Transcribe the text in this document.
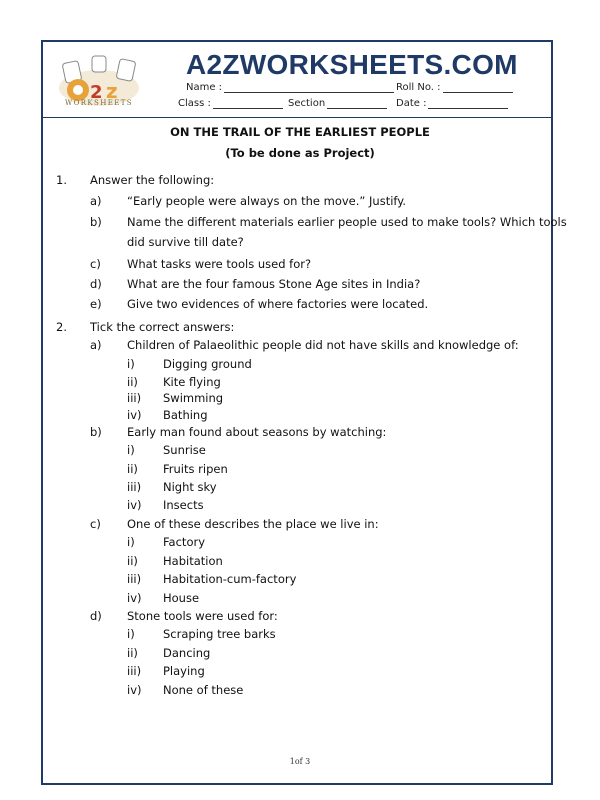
2 z
WORKSHEETS
A2ZWORKSHEETS.COM
Name :	Roll No. :
Class :	Section	Date :
ON THE TRAIL OF THE EARLIEST PEOPLE
(To be done as Project)
1. Answer the following:
a) “Early people were always on the move.” Justify.
b) Name the different materials earlier people used to make tools? Which tools
did survive till date?
c) What tasks were tools used for?
d) What are the four famous Stone Age sites in India?
e) Give two evidences of where factories were located.
2. Tick the correct answers:
a) Children of Palaeolithic people did not have skills and knowledge of:
i) Digging ground
ii) Kite flying
iii) Swimming
iv) Bathing
b) Early man found about seasons by watching:
i) Sunrise
ii) Fruits ripen
iii) Night sky
iv) Insects
c) One of these describes the place we live in:
i) Factory
ii) Habitation
iii) Habitation-cum-factory
iv) House
d) Stone tools were used for:
i) Scraping tree barks
ii) Dancing
iii) Playing
iv) None of these
1of 3
